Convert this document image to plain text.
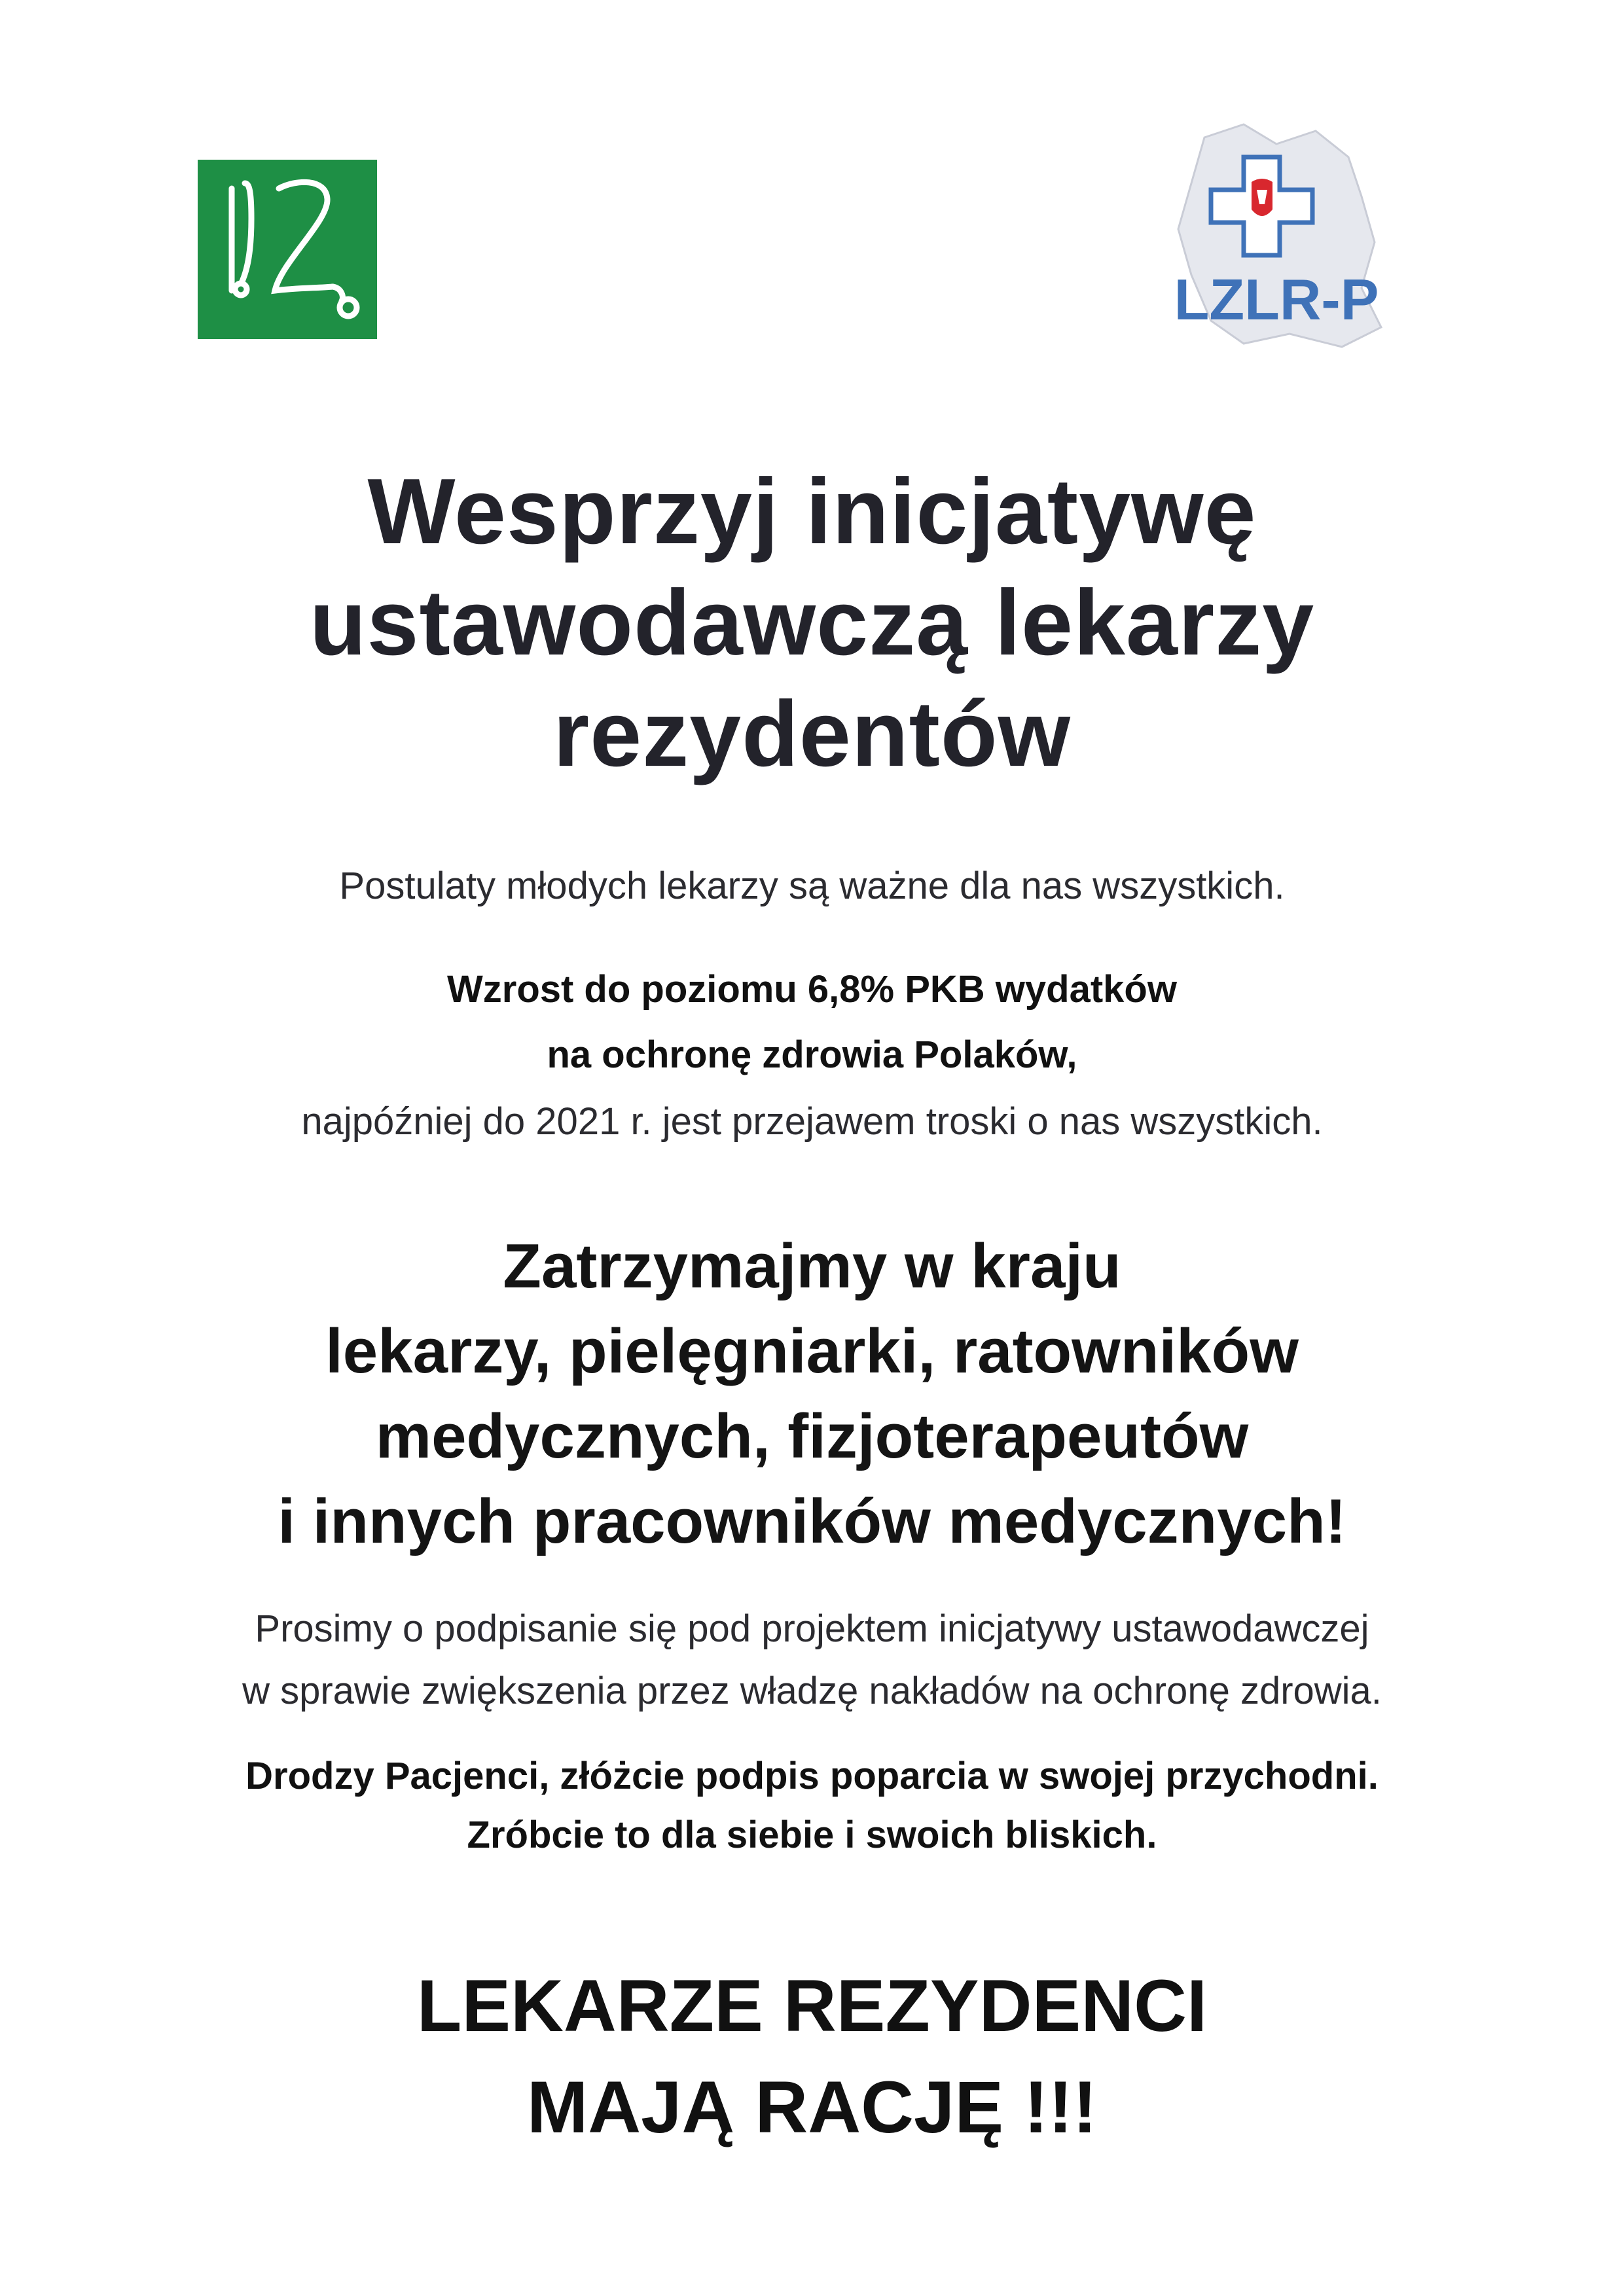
LZLR-P
Wesprzyj inicjatywę
ustawodawczą lekarzy
rezydentów
Postulaty młodych lekarzy są ważne dla nas wszystkich.
Wzrost do poziomu 6,8% PKB wydatków
na ochronę zdrowia Polaków,
najpóźniej do 2021 r. jest przejawem troski o nas wszystkich.
Zatrzymajmy w kraju
lekarzy, pielęgniarki, ratowników
medycznych, fizjoterapeutów
i innych pracowników medycznych!
Prosimy o podpisanie się pod projektem inicjatywy ustawodawczej
w sprawie zwiększenia przez władzę nakładów na ochronę zdrowia.
Drodzy Pacjenci, złóżcie podpis poparcia w swojej przychodni.
Zróbcie to dla siebie i swoich bliskich.
LEKARZE REZYDENCI
MAJĄ RACJĘ !!!
